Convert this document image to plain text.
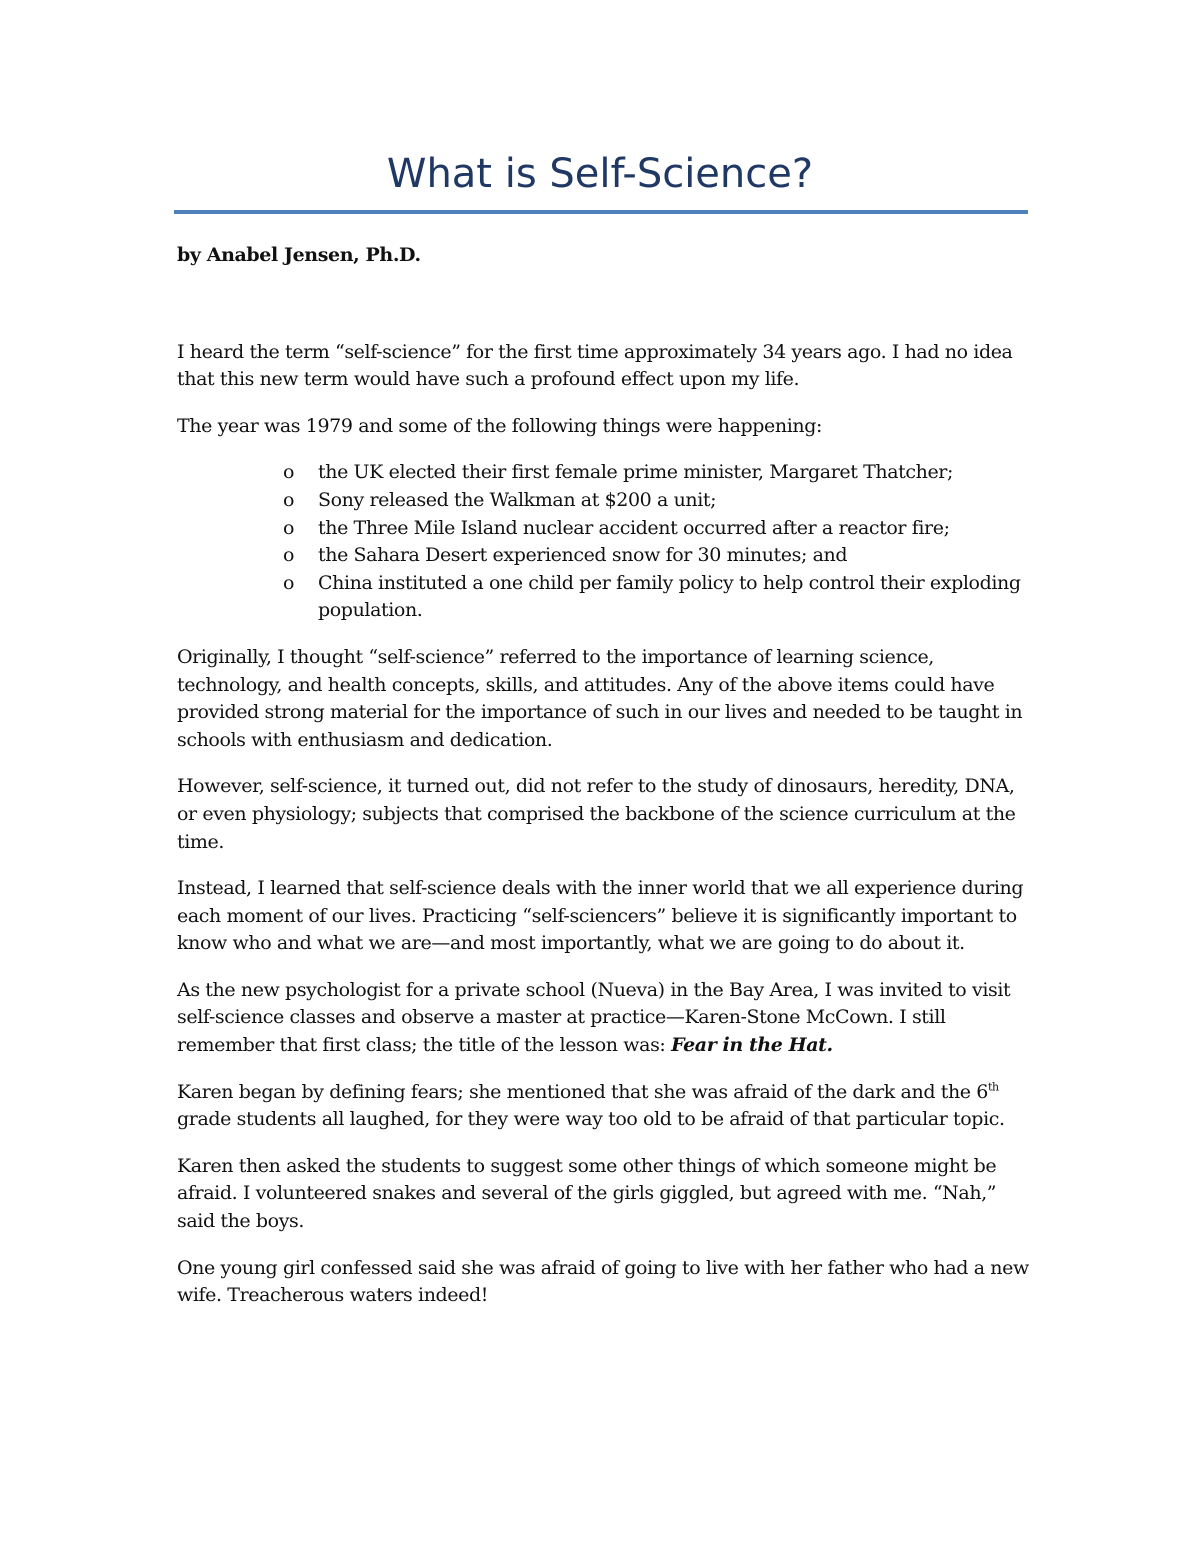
What is Self-Science?

by Anabel Jensen, Ph.D.

I heard the term “self-science” for the first time approximately 34 years ago. I had no idea that this new term would have such a profound effect upon my life.

The year was 1979 and some of the following things were happening:

o the UK elected their first female prime minister, Margaret Thatcher;
o Sony released the Walkman at $200 a unit;
o the Three Mile Island nuclear accident occurred after a reactor fire;
o the Sahara Desert experienced snow for 30 minutes; and
o China instituted a one child per family policy to help control their exploding population.

Originally, I thought “self-science” referred to the importance of learning science, technology, and health concepts, skills, and attitudes. Any of the above items could have provided strong material for the importance of such in our lives and needed to be taught in schools with enthusiasm and dedication.

However, self-science, it turned out, did not refer to the study of dinosaurs, heredity, DNA, or even physiology; subjects that comprised the backbone of the science curriculum at the time.

Instead, I learned that self-science deals with the inner world that we all experience during each moment of our lives. Practicing “self-sciencers” believe it is significantly important to know who and what we are—and most importantly, what we are going to do about it.

As the new psychologist for a private school (Nueva) in the Bay Area, I was invited to visit self-science classes and observe a master at practice—Karen-Stone McCown. I still remember that first class; the title of the lesson was: Fear in the Hat.

Karen began by defining fears; she mentioned that she was afraid of the dark and the 6th grade students all laughed, for they were way too old to be afraid of that particular topic.

Karen then asked the students to suggest some other things of which someone might be afraid. I volunteered snakes and several of the girls giggled, but agreed with me. “Nah,” said the boys.

One young girl confessed said she was afraid of going to live with her father who had a new wife. Treacherous waters indeed!
